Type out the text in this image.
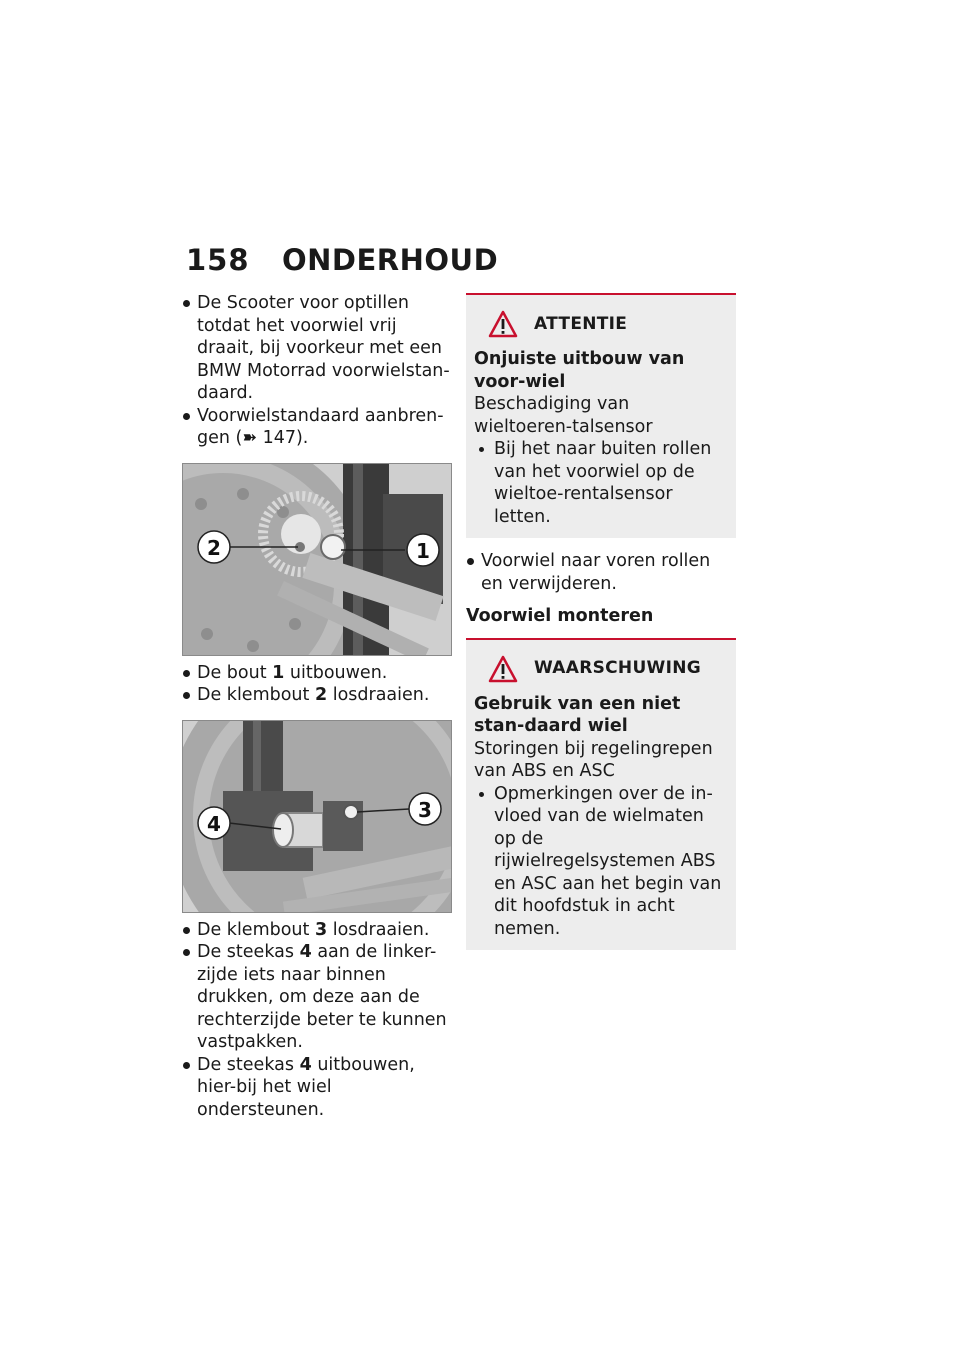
158	ONDERHOUD

De Scooter voor optillen totdat het voorwiel vrij draait, bij voorkeur met een BMW Motorrad voorwielstan-daard.

Voorwielstandaard aanbren-gen (➽ 147).

2	1

De bout 1 uitbouwen.

De klembout 2 losdraaien.

4
3

De klembout 3 losdraaien.

De steekas 4 aan de linker-zijde iets naar binnen drukken, om deze aan de rechterzijde beter te kunnen vastpakken.

De steekas 4 uitbouwen, hier-bij het wiel ondersteunen.

ATTENTIE
Onjuiste uitbouw van voor-wiel
Beschadiging van wieltoeren-talsensor

Bij het naar buiten rollen van het voorwiel op de wieltoe-rentalsensor letten.

Voorwiel naar voren rollen en verwijderen.

Voorwiel monteren
WAARSCHUWING
Gebruik van een niet stan-daard wiel
Storingen bij regelingrepen van ABS en ASC

Opmerkingen over de in-vloed van de wielmaten op de rijwielregelsystemen ABS en ASC aan het begin van dit hoofdstuk in acht nemen.
